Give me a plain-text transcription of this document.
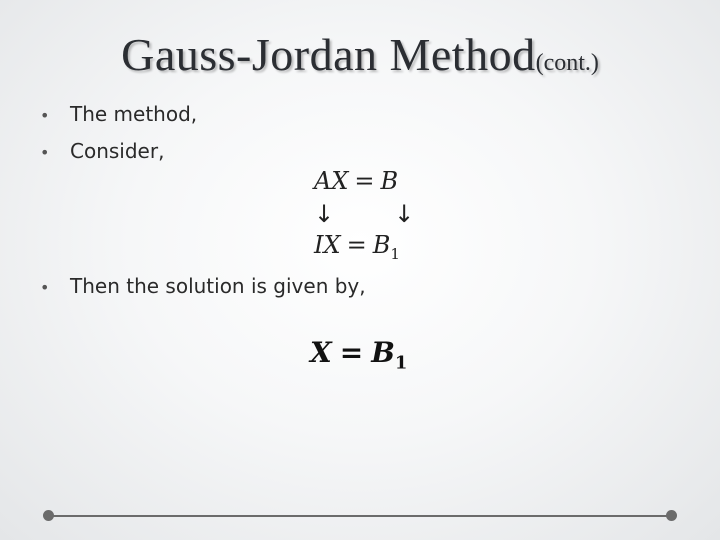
Gauss-Jordan Method(cont.)
• The method,
• Consider,
• Then the solution is given by,
AX = B
↓	↓
IX = $B_1$
$X = B_1$
